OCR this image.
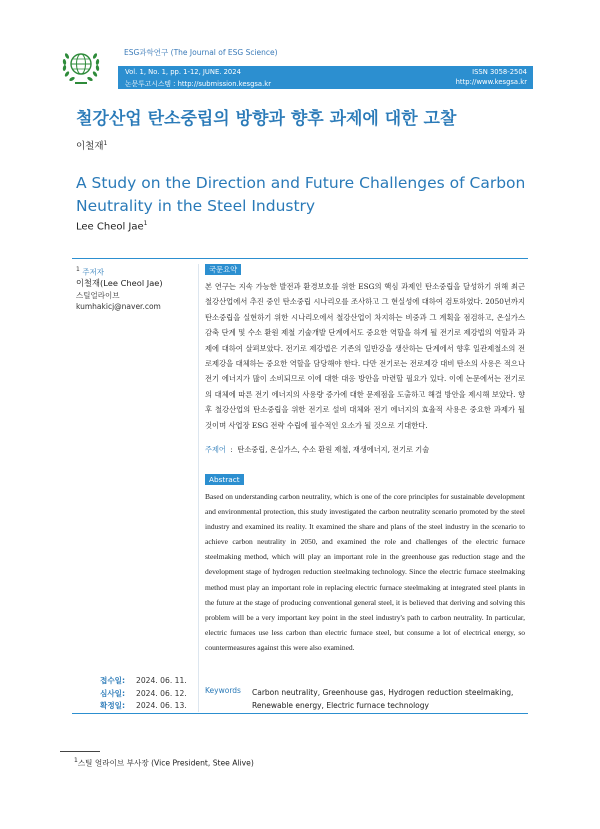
ESG과학연구 (The Journal of ESG Science)
Vol. 1, No. 1, pp. 1-12, JUNE. 2024
논문투고시스템 : http://submission.kesgsa.kr
ISSN 3058-2504
http://www.kesgsa.kr
철강산업 탄소중립의 방향과 향후 과제에 대한 고찰
이철재$^1$
A Study on the Direction and Future Challenges of Carbon Neutrality in the Steel Industry
Lee Cheol Jae$^1$
$^1$ 주저자
이철재(Lee Cheol Jae)
스틸얼라이브
kumhakicj@naver.com
국문요약
본 연구는 지속 가능한 발전과 환경보호를 위한 ESG의 핵심 과제인 탄소중립을 달성하기 위해 최근 철강산업에서 추진 중인 탄소중립 시나리오를 조사하고 그 현실성에 대하여 검토하였다. 2050년까지 탄소중립을 실현하기 위한 시나리오에서 철강산업이 차지하는 비중과 그 계획을 점검하고, 온실가스 감축 단계 및 수소 환원 제철 기술개발 단계에서도 중요한 역할을 하게 될 전기로 제강법의 역할과 과제에 대하여 살펴보았다. 전기로 제강법은 기존의 일반강을 생산하는 단계에서 향후 일관제철소의 전로제강을 대체하는 중요한 역할을 담당해야 한다. 다만 전기로는 전로제강 대비 탄소의 사용은 적으나 전기 에너지가 많이 소비되므로 이에 대한 대응 방안을 마련할 필요가 있다. 이에 논문에서는 전기로의 대체에 따른 전기 에너지의 사용량 증가에 대한 문제점을 도출하고 해결 방안을 제시해 보았다. 향후 철강산업의 탄소중립을 위한 전기로 설비 대체와 전기 에너지의 효율적 사용은 중요한 과제가 될 것이며 사업장 ESG 전략 수립에 필수적인 요소가 될 것으로 기대한다.
주제어  :  탄소중립, 온실가스, 수소 환원 제철, 재생에너지, 전기로 기술
Abstract
Based on understanding carbon neutrality, which is one of the core principles for sustainable development and environmental protection, this study investigated the carbon neutrality scenario promoted by the steel industry and examined its reality. It examined the share and plans of the steel industry in the scenario to achieve carbon neutrality in 2050, and examined the role and challenges of the electric furnace steelmaking method, which will play an important role in the greenhouse gas reduction stage and the development stage of hydrogen reduction steelmaking technology. Since the electric furnace steelmaking method must play an important role in replacing electric furnace steelmaking at integrated steel plants in the future at the stage of producing conventional general steel, it is believed that deriving and solving this problem will be a very important key point in the steel industry's path to carbon neutrality. In particular, electric furnaces use less carbon than electric furnace steel, but consume a lot of electrical energy, so countermeasures against this were also examined.
Keywords Carbon neutrality, Greenhouse gas, Hydrogen reduction steelmaking, Renewable energy, Electric furnace technology
접수일: 2024. 06. 11.
심사일: 2024. 06. 12.
확정일: 2024. 06. 13.
$^1$스틸 얼라이브 부사장 (Vice President, Stee Alive)
